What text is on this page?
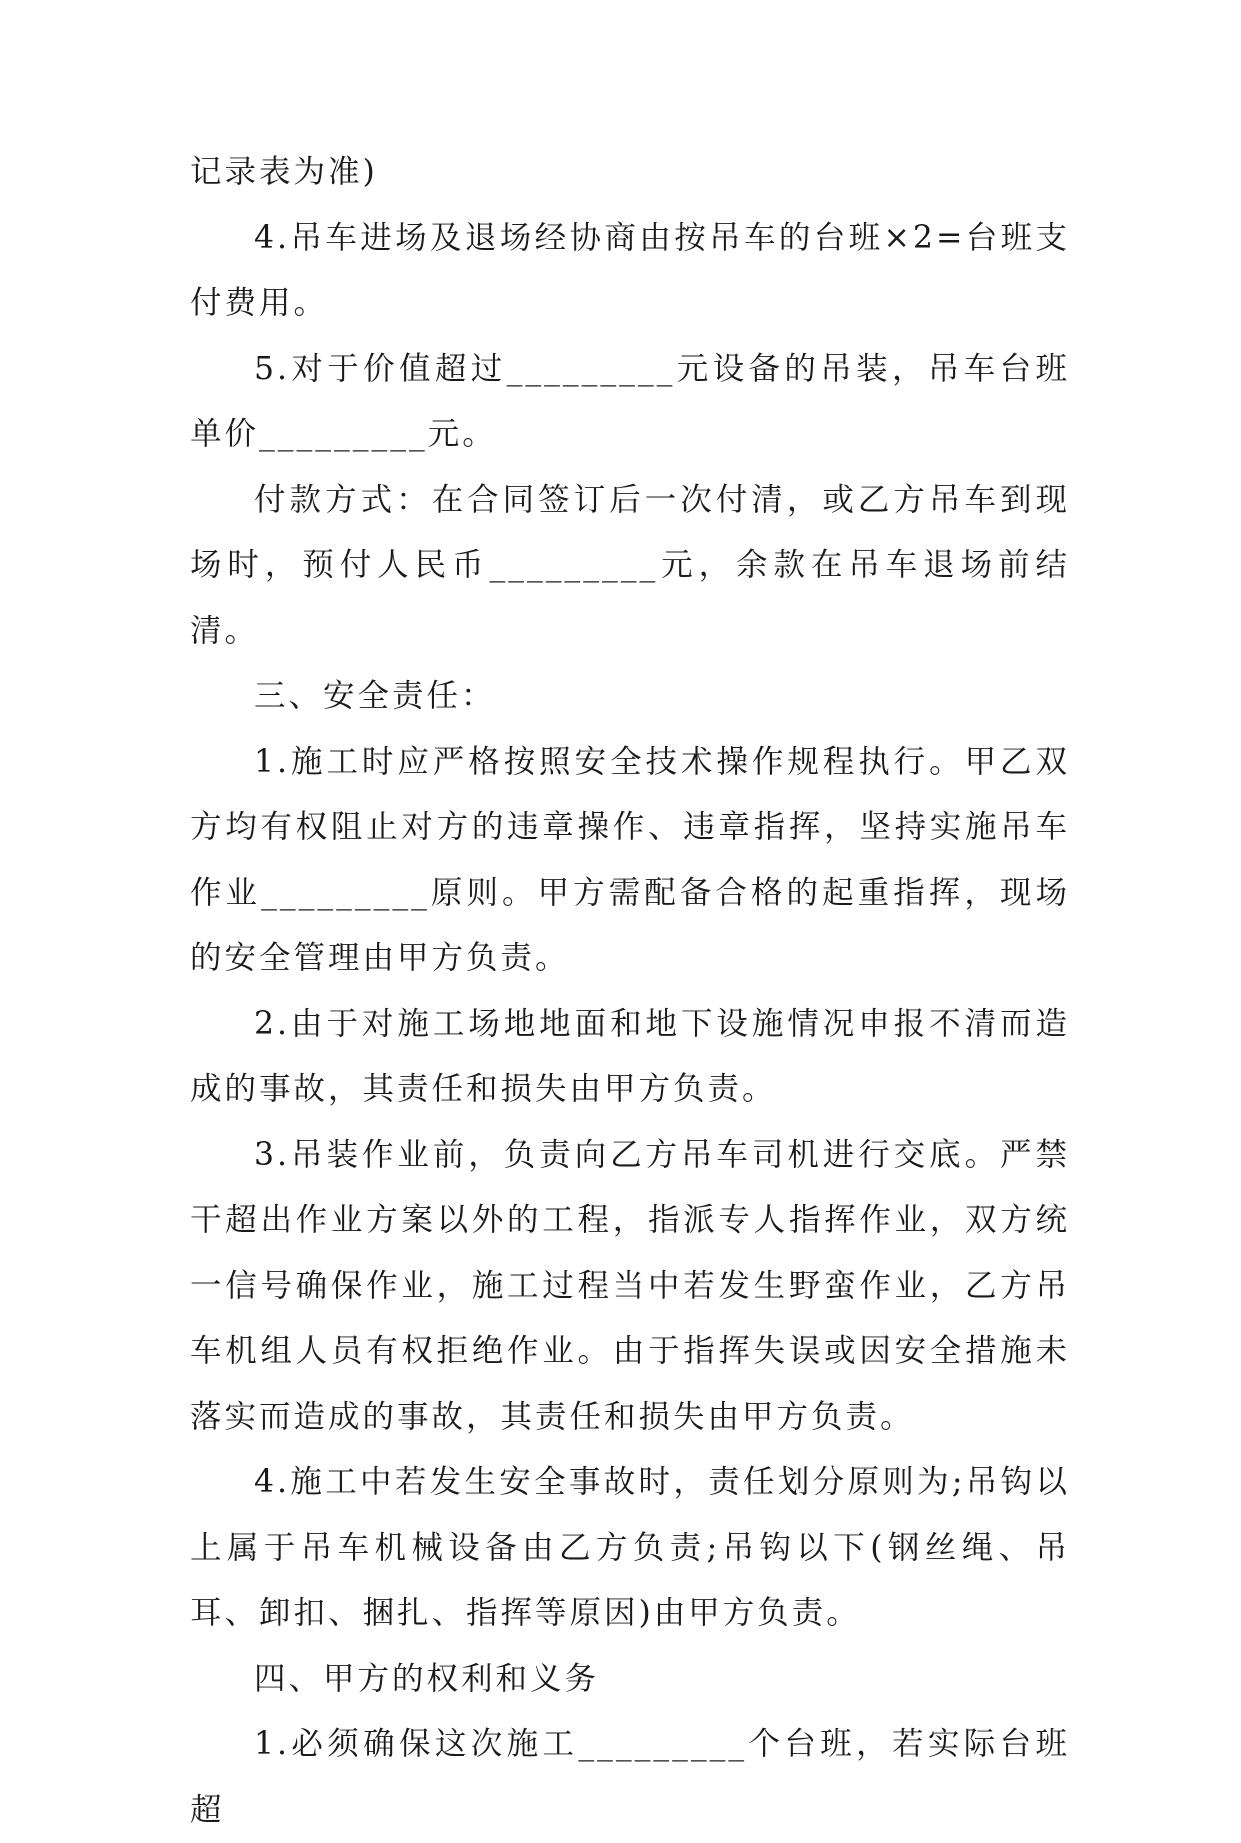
记录表为准)

4.吊车进场及退场经协商由按吊车的台班×2=台班支付费用。

5.对于价值超过_________元设备的吊装，吊车台班单价_________元。

付款方式：在合同签订后一次付清，或乙方吊车到现场时，预付人民币_________元，余款在吊车退场前结清。

三、安全责任：

1.施工时应严格按照安全技术操作规程执行。甲乙双方均有权阻止对方的违章操作、违章指挥，坚持实施吊车作业_________原则。甲方需配备合格的起重指挥，现场的安全管理由甲方负责。

2.由于对施工场地地面和地下设施情况申报不清而造成的事故，其责任和损失由甲方负责。

3.吊装作业前，负责向乙方吊车司机进行交底。严禁干超出作业方案以外的工程，指派专人指挥作业，双方统一信号确保作业，施工过程当中若发生野蛮作业，乙方吊车机组人员有权拒绝作业。由于指挥失误或因安全措施未落实而造成的事故，其责任和损失由甲方负责。

4.施工中若发生安全事故时，责任划分原则为;吊钩以上属于吊车机械设备由乙方负责;吊钩以下(钢丝绳、吊耳、卸扣、捆扎、指挥等原因)由甲方负责。

四、甲方的权利和义务

1.必须确保这次施工_________个台班，若实际台班超
